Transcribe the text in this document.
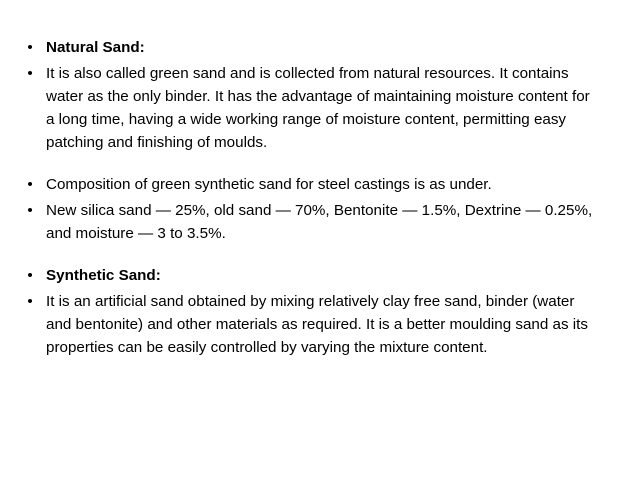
• Natural Sand:
• It is also called green sand and is collected from natural resources. It contains water as the only binder. It has the advantage of maintaining moisture content for a long time, having a wide working range of moisture content, permitting easy patching and finishing of moulds.
• Composition of green synthetic sand for steel castings is as under.
• New silica sand — 25%, old sand — 70%, Bentonite — 1.5%, Dextrine — 0.25%, and moisture — 3 to 3.5%.
• Synthetic Sand:
• It is an artificial sand obtained by mixing relatively clay free sand, binder (water and bentonite) and other materials as required. It is a better moulding sand as its properties can be easily controlled by varying the mixture content.
